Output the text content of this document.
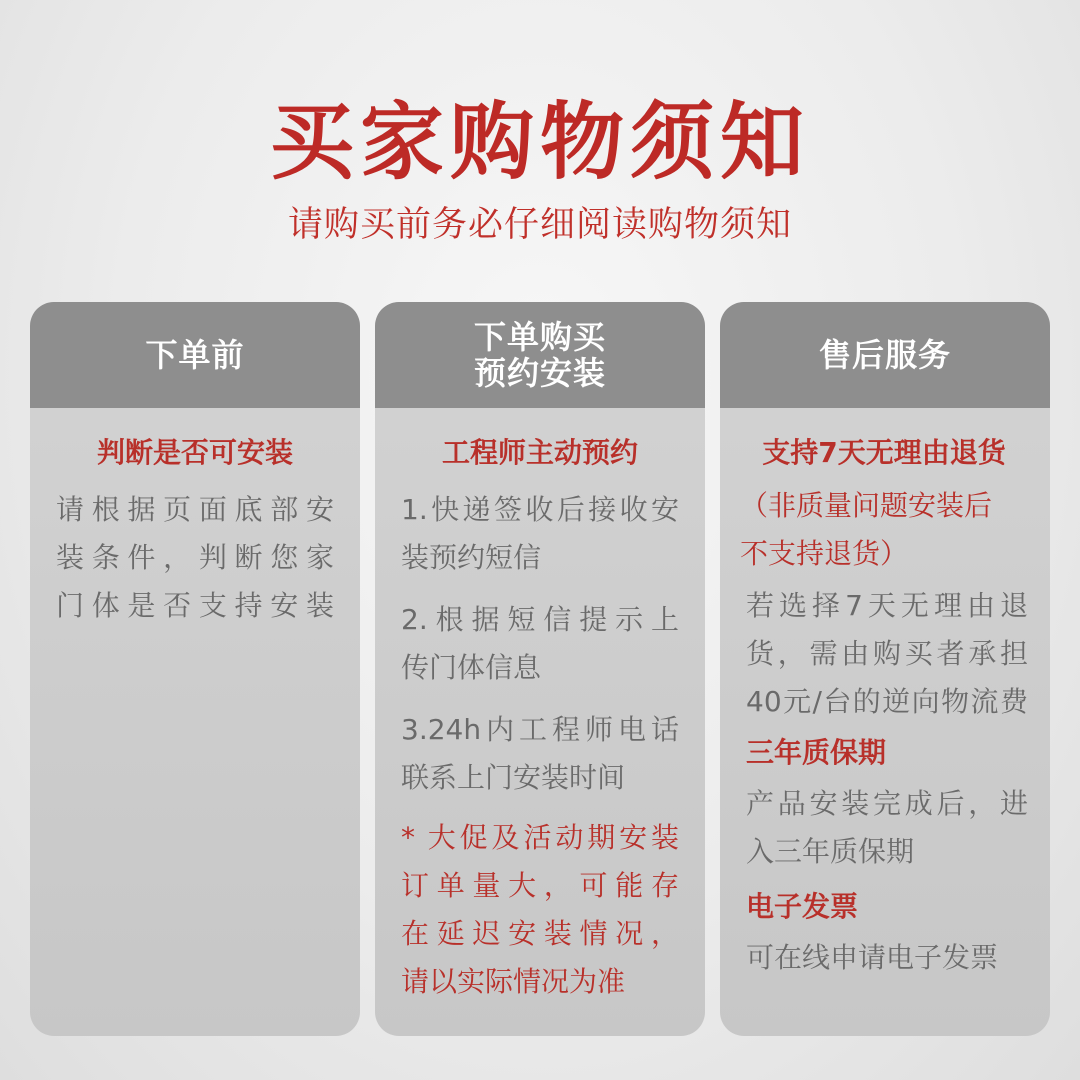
买家购物须知
请购买前务必仔细阅读购物须知
下单前

判断是否可安装

请根据页面底部安

装条件，判断您家

门体是否支持安装

下单购买
预约安装

工程师主动预约

1.快递签收后接收安

装预约短信

2.根据短信提示上

传门体信息

3.24h内工程师电话

联系上门安装时间

* 大促及活动期安装

订单量大，可能存

在延迟安装情况，

请以实际情况为准

售后服务

支持7天无理由退货

（非质量问题安装后

不支持退货）

若选择7天无理由退

货，需由购买者承担

40元/台的逆向物流费

三年质保期

产品安装完成后，进

入三年质保期

电子发票

可在线申请电子发票
